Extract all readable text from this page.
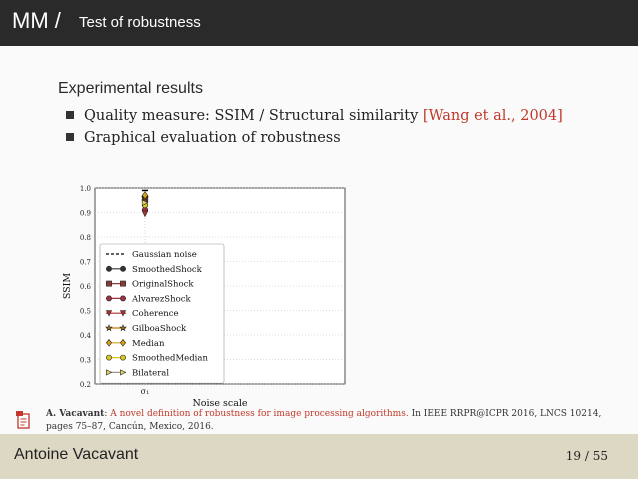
MM / Test of robustness
Experimental results
Quality measure: SSIM / Structural similarity [Wang et al., 2004]
Graphical evaluation of robustness
0.2
0.3
0.4
0.5
0.6
0.7
0.8
0.9
1.0
σ₁
Noise scale
SSIM
Gaussian noise
SmoothedShock
OriginalShock
AlvarezShock
Coherence
GilboaShock
Median
SmoothedMedian
Bilateral
A. Vacavant: A novel definition of robustness for image processing algorithms. In IEEE RRPR@ICPR 2016, LNCS 10214, pages 75–87, Cancún, Mexico, 2016.
Antoine Vacavant	19 / 55
